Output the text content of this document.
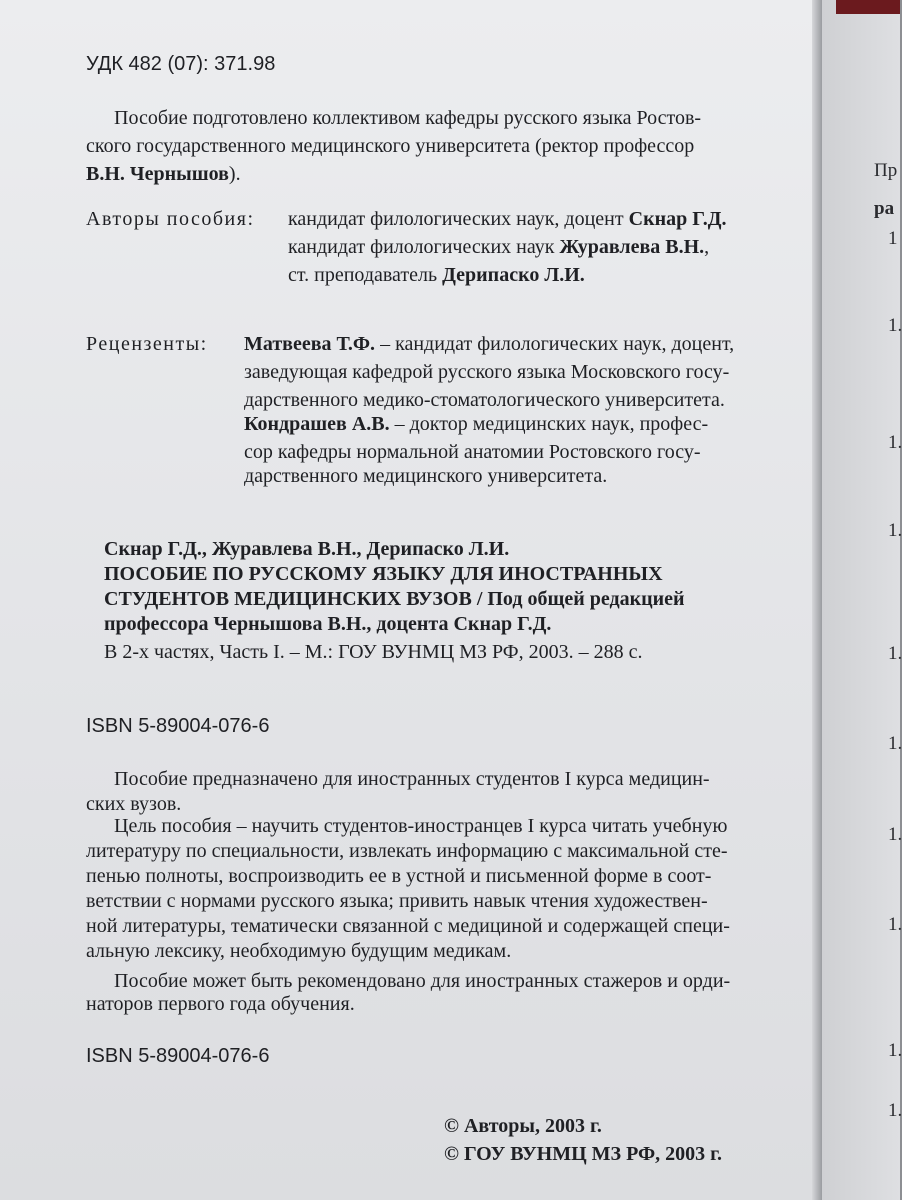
УДК 482 (07): 371.98
Пособие подготовлено коллективом кафедры русского языка Ростов-
ского государственного медицинского университета (ректор профессор
В.Н. Чернышов).
Авторы пособия: кандидат филологических наук, доцент Скнар Г.Д.
кандидат филологических наук Журавлева В.Н.,
ст. преподаватель Дерипаско Л.И.
Рецензенты: Матвеева Т.Ф. – кандидат филологических наук, доцент,
заведующая кафедрой русского языка Московского госу-
дарственного медико-стоматологического университета.
Кондрашев А.В. – доктор медицинских наук, профес-
сор кафедры нормальной анатомии Ростовского госу-
дарственного медицинского университета.
Скнар Г.Д., Журавлева В.Н., Дерипаско Л.И.
ПОСОБИЕ ПО РУССКОМУ ЯЗЫКУ ДЛЯ ИНОСТРАННЫХ
СТУДЕНТОВ МЕДИЦИНСКИХ ВУЗОВ / Под общей редакцией
профессора Чернышова В.Н., доцента Скнар Г.Д.
В 2-х частях, Часть I. – М.: ГОУ ВУНМЦ МЗ РФ, 2003. – 288 с.
ISBN 5-89004-076-6
Пособие предназначено для иностранных студентов I курса медицин-
ских вузов.
Цель пособия – научить студентов-иностранцев I курса читать учебную
литературу по специальности, извлекать информацию с максимальной сте-
пенью полноты, воспроизводить ее в устной и письменной форме в соот-
ветствии с нормами русского языка; привить навык чтения художествен-
ной литературы, тематически связанной с медициной и содержащей специ-
альную лексику, необходимую будущим медикам.
Пособие может быть рекомендовано для иностранных стажеров и орди-
наторов первого года обучения.
ISBN 5-89004-076-6
© Авторы, 2003 г.
© ГОУ ВУНМЦ МЗ РФ, 2003 г.
Пр
ра
1
1.
1.
1.
1.
1.
1.
1.
1.
1.
